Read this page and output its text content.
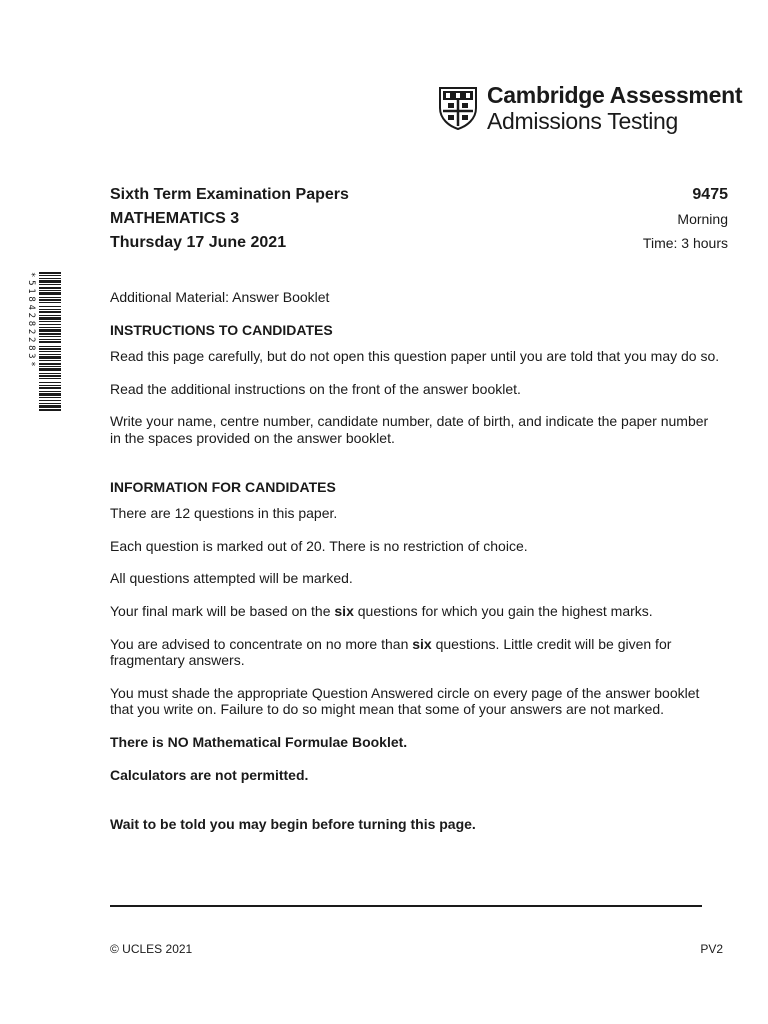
Cambridge Assessment
Admissions Testing
Sixth Term Examination Papers
MATHEMATICS 3
Thursday 17 June 2021
9475
Morning
Time: 3 hours
*5184282283*	Additional Material: Answer Booklet

INSTRUCTIONS TO CANDIDATES

Read this page carefully, but do not open this question paper until you are told that you may do so.

Read the additional instructions on the front of the answer booklet.

Write your name, centre number, candidate number, date of birth, and indicate the paper number in the spaces provided on the answer booklet.

INFORMATION FOR CANDIDATES

There are 12 questions in this paper.

Each question is marked out of 20. There is no restriction of choice.

All questions attempted will be marked.

Your final mark will be based on the six questions for which you gain the highest marks.

You are advised to concentrate on no more than six questions. Little credit will be given for fragmentary answers.

You must shade the appropriate Question Answered circle on every page of the answer booklet that you write on. Failure to do so might mean that some of your answers are not marked.

There is NO Mathematical Formulae Booklet.

Calculators are not permitted.

Wait to be told you may begin before turning this page.

© UCLES 2021	PV2
